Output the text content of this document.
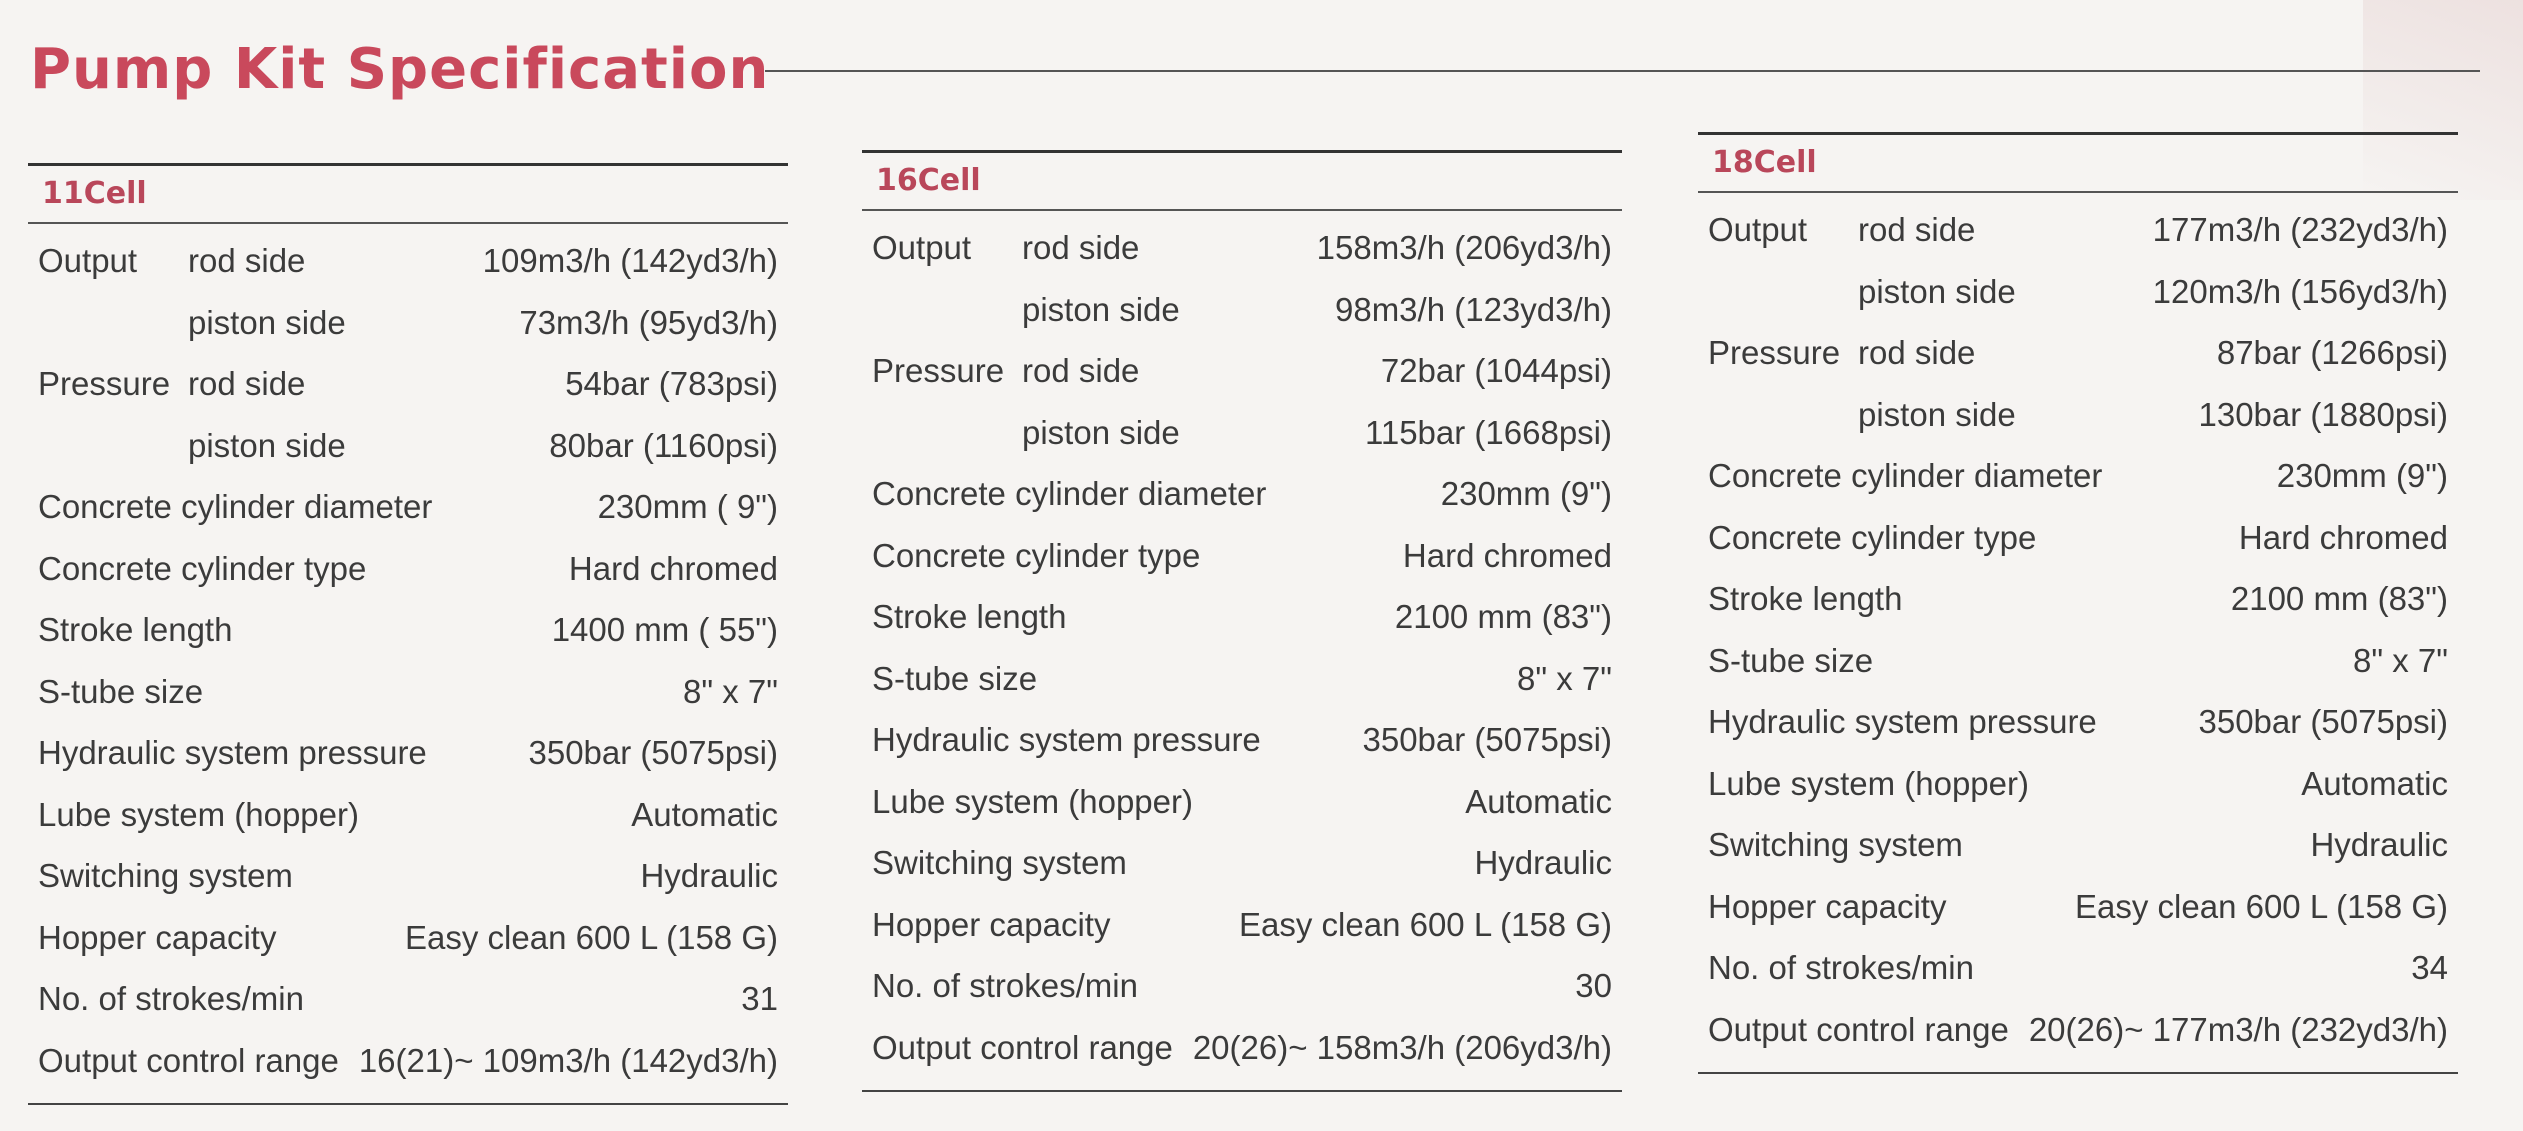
Pump Kit Specification
11Cell
Output rod side	109m3/h (142yd3/h)
piston side	73m3/h (95yd3/h)
Pressure rod side	54bar (783psi)
piston side	80bar (1160psi)
Concrete cylinder diameter	230mm ( 9")
Concrete cylinder type	Hard chromed
Stroke length	1400 mm ( 55")
S-tube size	8" x 7"
Hydraulic system pressure	350bar (5075psi)
Lube system (hopper)	Automatic
Switching system	Hydraulic
Hopper capacity	Easy clean 600 L (158 G)
No. of strokes/min	31
Output control range 16(21)~ 109m3/h (142yd3/h)
16Cell
Output rod side	158m3/h (206yd3/h)
piston side	98m3/h (123yd3/h)
Pressure rod side	72bar (1044psi)
piston side	115bar (1668psi)
Concrete cylinder diameter	230mm (9")
Concrete cylinder type	Hard chromed
Stroke length	2100 mm (83")
S-tube size	8" x 7"
Hydraulic system pressure	350bar (5075psi)
Lube system (hopper)	Automatic
Switching system	Hydraulic
Hopper capacity	Easy clean 600 L (158 G)
No. of strokes/min	30
Output control range 20(26)~ 158m3/h (206yd3/h)
18Cell
Output rod side	177m3/h (232yd3/h)
piston side	120m3/h (156yd3/h)
Pressure rod side	87bar (1266psi)
piston side	130bar (1880psi)
Concrete cylinder diameter	230mm (9")
Concrete cylinder type	Hard chromed
Stroke length	2100 mm (83")
S-tube size	8" x 7"
Hydraulic system pressure	350bar (5075psi)
Lube system (hopper)	Automatic
Switching system	Hydraulic
Hopper capacity	Easy clean 600 L (158 G)
No. of strokes/min	34
Output control range 20(26)~ 177m3/h (232yd3/h)
